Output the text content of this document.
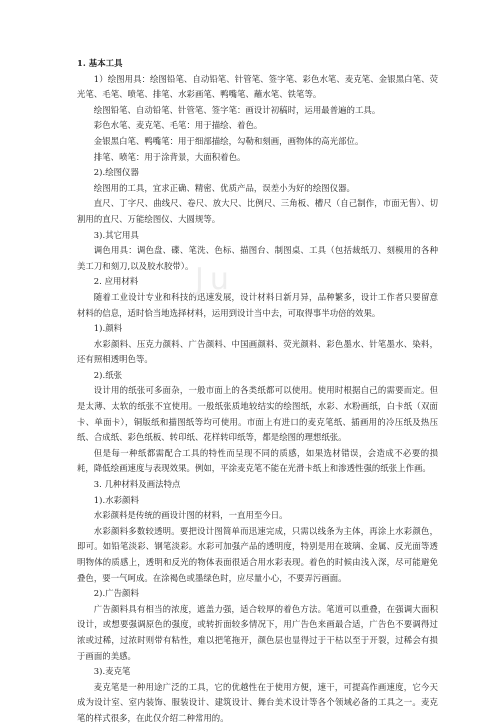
Ju

1. 基本工具

1）绘图用具：绘图铅笔、自动铅笔、针管笔、签字笔、彩色水笔、麦克笔、金银黑白笔、荧光笔、毛笔、喷笔、排笔、水彩画笔、鸭嘴笔、蘸水笔、铁笔等。

绘图铅笔、自动铅笔、针管笔、签字笔：画设计初稿时，运用最普遍的工具。

彩色水笔、麦克笔、毛笔：用于描绘、着色。

金银黑白笔、鸭嘴笔：用于细部描绘，勾勒和刻画，画物体的高光部位。

排笔、喷笔：用于涂背景，大面积着色。

2).绘图仪器

绘图用的工具，宜求正确、精密、优质产品，误差小为好的绘图仪器。

直尺、丁字尺、曲线尺、卷尺、放大尺、比例尺、三角板、槽尺（自己制作，市面无售）、切割用的直尺、万能绘图仪、大圆规等。

3).其它用具

调色用具：调色盘、碟、笔洗、色标、描图台、制图桌、工具（包括裁纸刀、刻模用的各种美工刀和刻刀,以及胶水胶带）。

2. 应用材料

随着工业设计专业和科技的迅速发展，设计材料日新月异，品种繁多，设计工作者只要留意材料的信息，适时恰当地选择材料，运用到设计当中去，可取得事半功倍的效果。

1).颜料

水彩颜料、压克力颜料、广告颜料、中国画颜料、荧光颜料、彩色墨水、针笔墨水、染料，还有照相透明色等。

2).纸张

设计用的纸张可多面杂，一般市面上的各类纸都可以使用。使用时根据自己的需要而定。但是太薄、太软的纸张不宜使用。一般纸张质地较结实的绘图纸，水彩、水粉画纸，白卡纸（双面卡、单面卡），铜版纸和描图纸等均可使用。市面上有进口的麦克笔纸、插画用的冷压纸及热压纸、合成纸、彩色纸板、转印纸、花样转印纸等，都是绘图的理想纸张。

但是每一种纸都需配合工具的特性而呈现不同的质感，如果选材错误，会造成不必要的损耗，降低绘画速度与表现效果。例如，平涂麦克笔不能在光滑卡纸上和渗透性强的纸张上作画。

3. 几种材料及画法特点

1).水彩颜料

水彩颜料是传统的画设计图的材料，一直用至今日。

水彩颜料多数较透明。要把设计图简单而迅速完成，只需以线条为主体，再涂上水彩颜色，即可。如铅笔淡彩、钢笔淡彩。水彩可加强产品的透明度，特别是用在玻璃、金属、反光面等透明物体的质感上，透明和反光的物体表面很适合用水彩表现。着色的时候由浅入深，尽可能避免叠色，要一气呵成。在涂褐色或墨绿色时，应尽量小心，不要弄污画面。

2).广告颜料

广告颜料具有相当的浓度，遮盖力强，适合较厚的着色方法。笔道可以重叠，在强调大面积设计，或想要强调原色的强度，或转折面较多情况下，用广告色来画最合适，广告色不要调得过浓或过稀，过浓时则带有粘性，难以把笔拖开，颜色层也显得过于干枯以至于开裂，过稀会有损于画面的美感。

3).麦克笔

麦克笔是一种用途广泛的工具，它的优越性在于使用方便，速干，可提高作画速度，它今天成为设计室、室内装饰、服装设计、建筑设计、舞台美术设计等各个领域必备的工具之一。麦克笔的样式很多，在此仅介绍二种常用的。
